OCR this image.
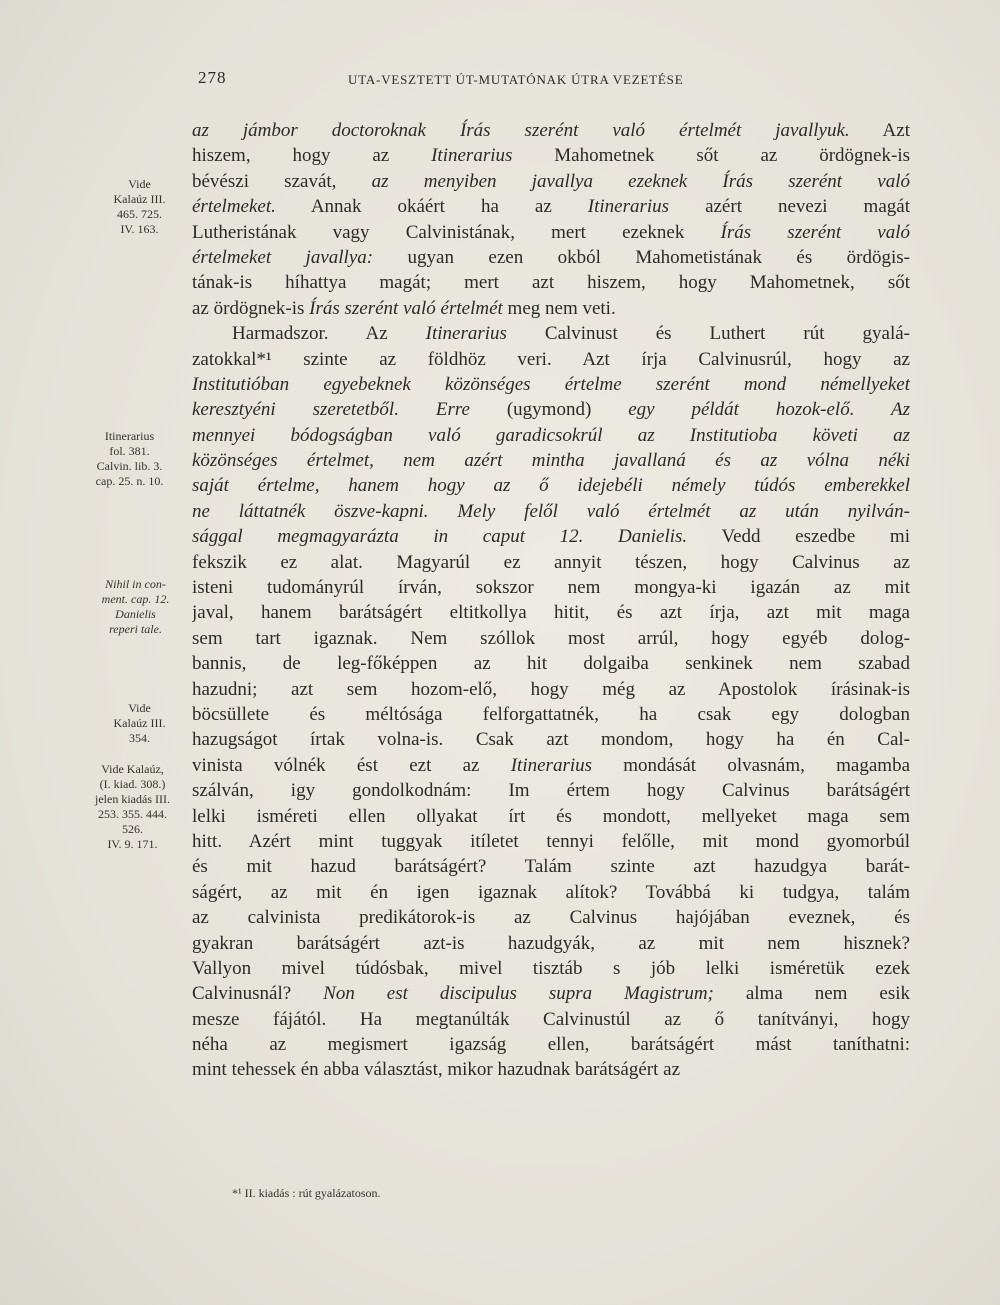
278	UTA-VESZTETT ÚT-MUTATÓNAK ÚTRA VEZETÉSE
Vide
Kalaúz III.
465. 725.
IV. 163.
Itinerarius
fol. 381.
Calvin. lib. 3.
cap. 25. n. 10.
Nihil in con-
ment. cap. 12.
Danielis
reperi tale.
Vide
Kalaúz III.
354.
Vide Kalaúz,
(I. kiad. 308.)
jelen kiadás III.
253. 355. 444.
526.
IV. 9. 171.
az jámbor doctoroknak Írás szerént való értelmét javallyuk. Azt
hiszem, hogy az Itinerarius Mahometnek sőt az ördögnek-is
bévészi szavát, az menyiben javallya ezeknek Írás szerént való
értelmeket. Annak okáért ha az Itinerarius azért nevezi magát
Lutheristának vagy Calvinistának, mert ezeknek Írás szerént való
értelmeket javallya: ugyan ezen okból Mahometistának és ördögis-
tának-is híhattya magát; mert azt hiszem, hogy Mahometnek, sőt
az ördögnek-is Írás szerént való értelmét meg nem veti.
Harmadszor. Az Itinerarius Calvinust és Luthert rút gyalá-
zatokkal*¹ szinte az földhöz veri. Azt írja Calvinusrúl, hogy az
Institutióban egyebeknek közönséges értelme szerént mond némellyeket
keresztyéni szeretetből. Erre (ugymond) egy példát hozok-elő. Az
mennyei bódogságban való garadicsokrúl az Institutioba követi az
közönséges értelmet, nem azért mintha javallaná és az vólna néki
saját értelme, hanem hogy az ő idejebéli némely túdós emberekkel
ne láttatnék öszve-kapni. Mely felől való értelmét az után nyilván-
sággal megmagyarázta in caput 12. Danielis. Vedd eszedbe mi
fekszik ez alat. Magyarúl ez annyit tészen, hogy Calvinus az
isteni tudományrúl írván, sokszor nem mongya-ki igazán az mit
javal, hanem barátságért eltitkollya hitit, és azt írja, azt mit maga
sem tart igaznak. Nem szóllok most arrúl, hogy egyéb dolog-
bannis, de leg-főképpen az hit dolgaiba senkinek nem szabad
hazudni; azt sem hozom-elő, hogy még az Apostolok írásinak-is
böcsüllete és méltósága felforgattatnék, ha csak egy dologban
hazugságot írtak volna-is. Csak azt mondom, hogy ha én Cal-
vinista vólnék ést ezt az Itinerarius mondását olvasnám, magamba
szálván, igy gondolkodnám: Im értem hogy Calvinus barátságért
lelki isméreti ellen ollyakat írt és mondott, mellyeket maga sem
hitt. Azért mint tuggyak itíletet tennyi felőlle, mit mond gyomorbúl
és mit hazud barátságért? Talám szinte azt hazudgya barát-
ságért, az mit én igen igaznak alítok? Továbbá ki tudgya, talám
az calvinista predikátorok-is az Calvinus hajójában eveznek, és
gyakran barátságért azt-is hazudgyák, az mit nem hisznek?
Vallyon mivel túdósbak, mivel tisztáb s jób lelki isméretük ezek
Calvinusnál? Non est discipulus supra Magistrum; alma nem esik
mesze fájától. Ha megtanúlták Calvinustúl az ő tanítványi, hogy
néha az megismert igazság ellen, barátságért mást taníthatni:
mint tehessek én abba választást, mikor hazudnak barátságért az
*¹ II. kiadás : rút gyalázatoson.
